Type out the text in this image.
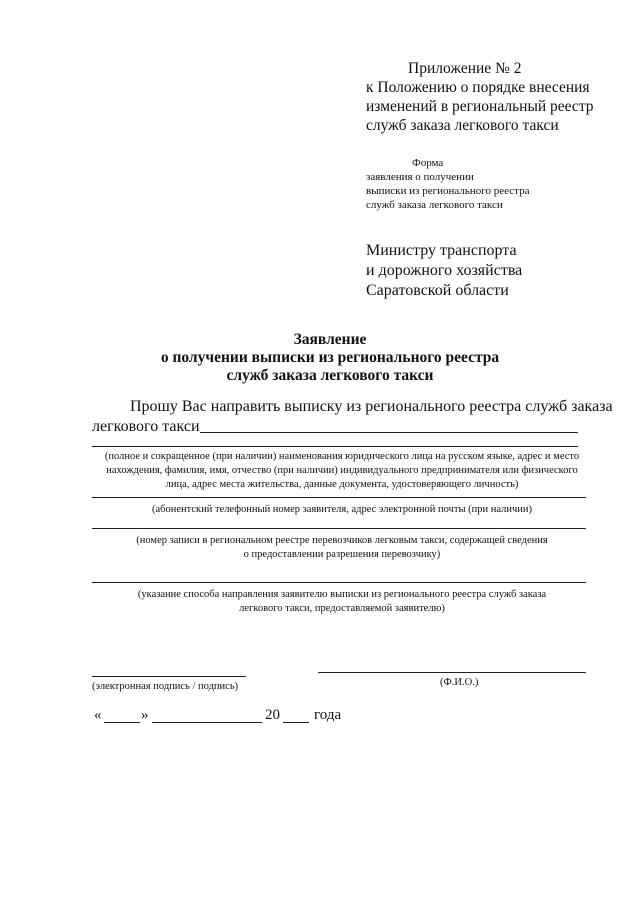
Приложение № 2
к Положению о порядке внесения
изменений в региональный реестр
служб заказа легкового такси
Форма
заявления о получении
выписки из регионального реестра
служб заказа легкового такси
Министру транспорта
и дорожного хозяйства
Саратовской области
Заявление
о получении выписки из регионального реестра
служб заказа легкового такси
Прошу Вас направить выписку из регионального реестра служб заказа
легкового такси
(полное и сокращенное (при наличии) наименования юридического лица на русском языке, адрес и место
нахождения, фамилия, имя, отчество (при наличии) индивидуального предпринимателя или физического
лица, адрес места жительства, данные документа, удостоверяющего личность)
(абонентский телефонный номер заявителя, адрес электронной почты (при наличии)
(номер записи в региональном реестре перевозчиков легковым такси, содержащей сведения
о предоставлении разрешения перевозчику)
(указание способа направления заявителю выписки из регионального реестра служб заказа
легкового такси, предоставляемой заявителю)
(электронная подпись / подпись)	(Ф.И.О.)
«	»	20 года
